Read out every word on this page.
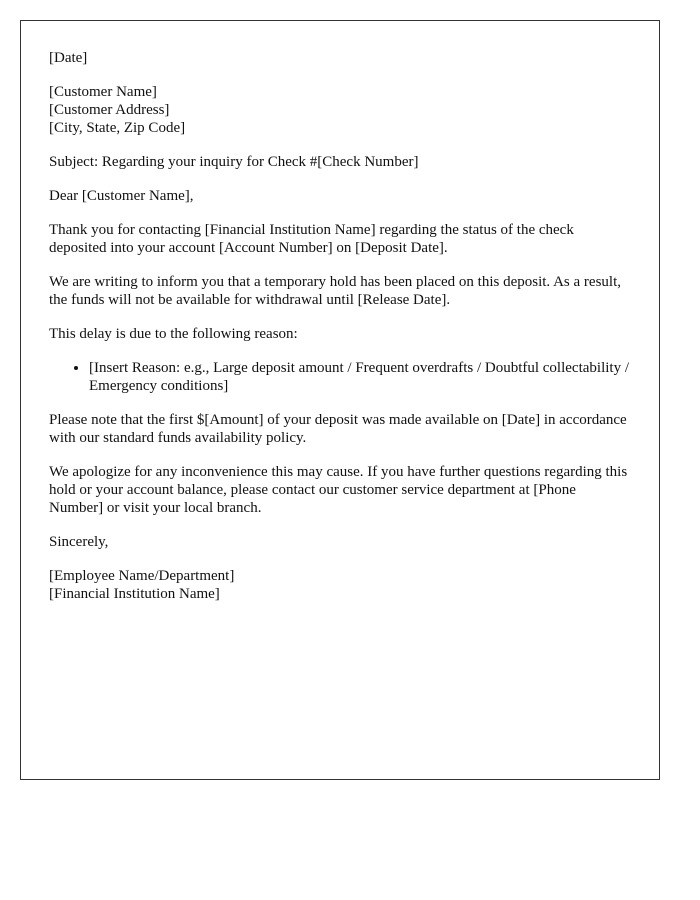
[Date]

[Customer Name]
[Customer Address]
[City, State, Zip Code]

Subject: Regarding your inquiry for Check #[Check Number]

Dear [Customer Name],

Thank you for contacting [Financial Institution Name] regarding the status of the check deposited into your account [Account Number] on [Deposit Date].

We are writing to inform you that a temporary hold has been placed on this deposit. As a result, the funds will not be available for withdrawal until [Release Date].

This delay is due to the following reason:

• [Insert Reason: e.g., Large deposit amount / Frequent overdrafts / Doubtful collectability / Emergency conditions]

Please note that the first $[Amount] of your deposit was made available on [Date] in accordance with our standard funds availability policy.

We apologize for any inconvenience this may cause. If you have further questions regarding this hold or your account balance, please contact our customer service department at [Phone Number] or visit your local branch.

Sincerely,

[Employee Name/Department]
[Financial Institution Name]
